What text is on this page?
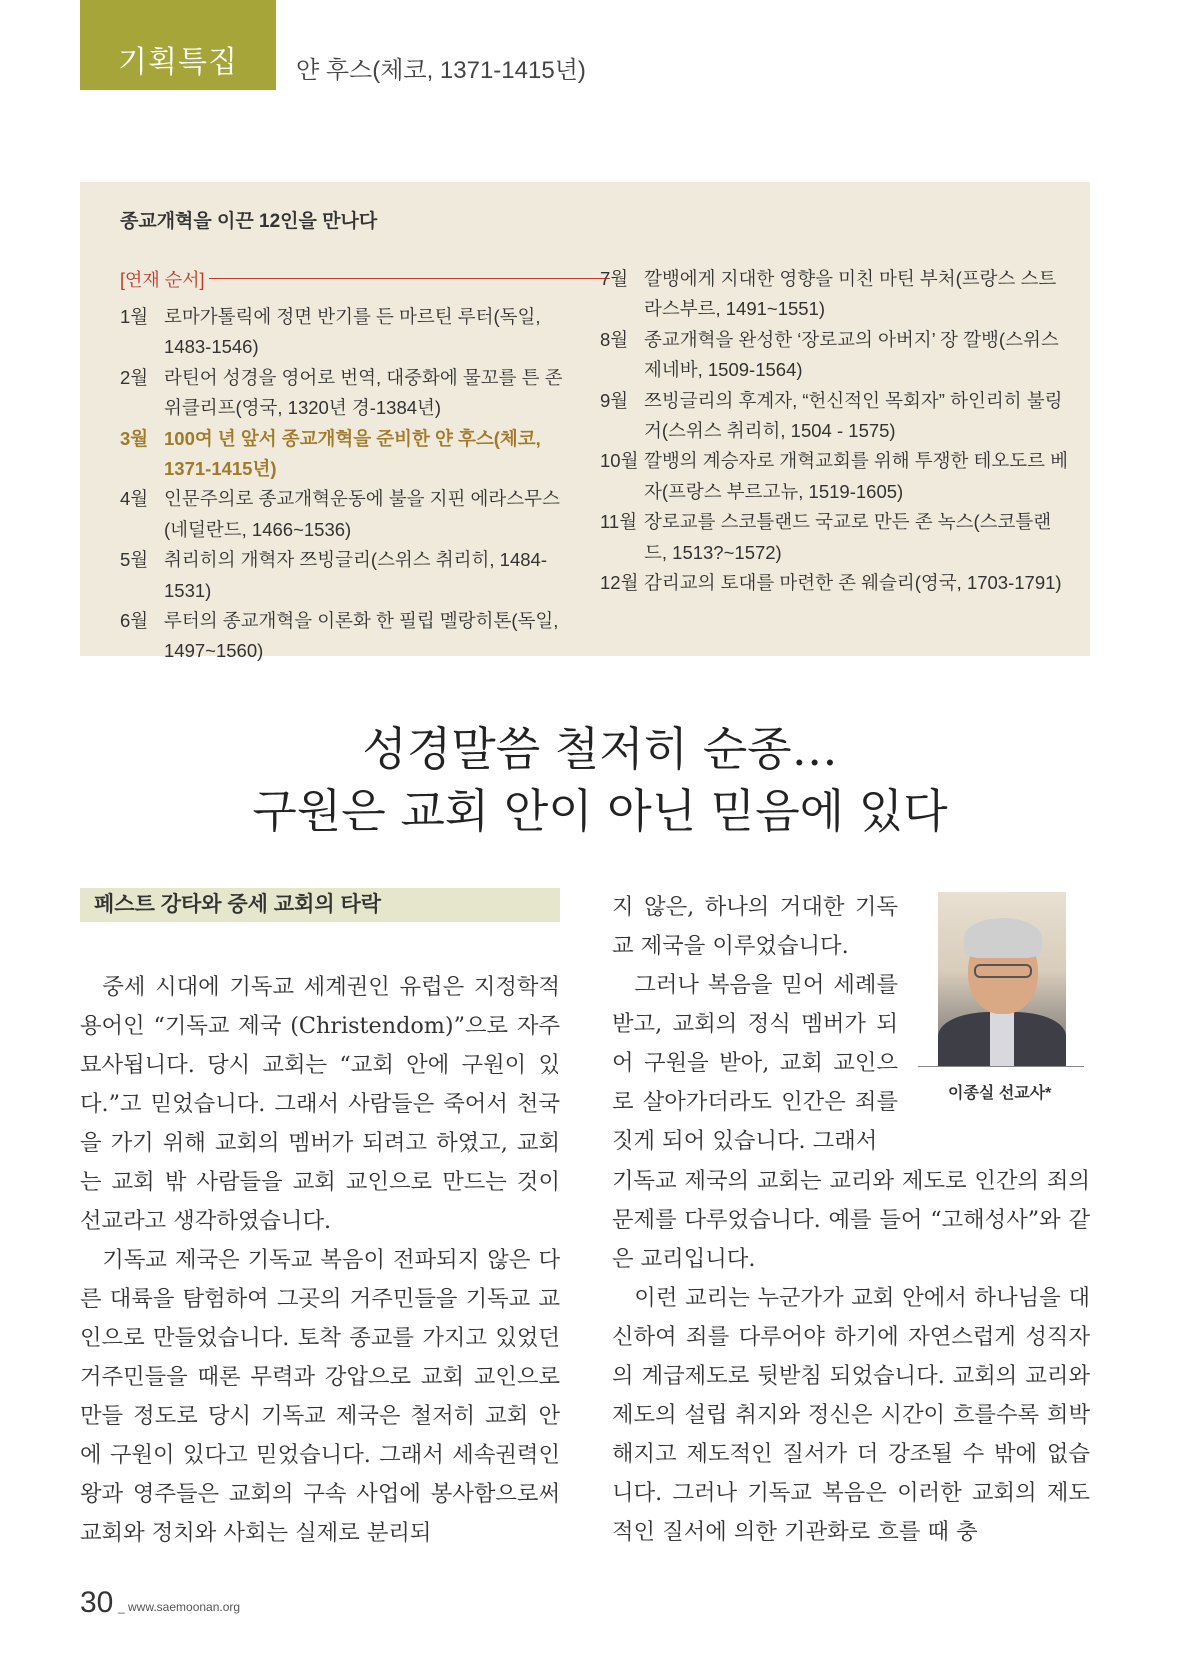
기획특집	얀 후스(체코, 1371-1415년)
종교개혁을 이끈 12인을 만나다
[연재 순서]
1월 로마가톨릭에 정면 반기를 든 마르틴 루터(독일, 1483-1546)
2월 라틴어 성경을 영어로 번역, 대중화에 물꼬를 튼 존 위클리프(영국, 1320년 경-1384년)
3월 100여 년 앞서 종교개혁을 준비한 얀 후스(체코, 1371-1415년)
4월 인문주의로 종교개혁운동에 불을 지핀 에라스무스(네덜란드, 1466~1536)
5월 취리히의 개혁자 쯔빙글리(스위스 취리히, 1484-1531)
6월 루터의 종교개혁을 이론화 한 필립 멜랑히톤(독일, 1497~1560)
7월 깔뱅에게 지대한 영향을 미친 마틴 부처(프랑스 스트라스부르, 1491~1551)
8월 종교개혁을 완성한 ‘장로교의 아버지’ 장 깔뱅(스위스 제네바, 1509-1564)
9월 쯔빙글리의 후계자, “헌신적인 목회자” 하인리히 불링거(스위스 취리히, 1504 - 1575)
10월 깔뱅의 계승자로 개혁교회를 위해 투쟁한 테오도르 베자(프랑스 부르고뉴, 1519-1605)
11월 장로교를 스코틀랜드 국교로 만든 존 녹스(스코틀랜드, 1513?~1572)
12월 감리교의 토대를 마련한 존 웨슬리(영국, 1703-1791)
성경말씀 철저히 순종…
구원은 교회 안이 아닌 믿음에 있다
페스트 강타와 중세 교회의 타락

중세 시대에 기독교 세계권인 유럽은 지정학적 용어인 “기독교 제국 (Christendom)”으로 자주 묘사됩니다. 당시 교회는 “교회 안에 구원이 있다.”고 믿었습니다. 그래서 사람들은 죽어서 천국을 가기 위해 교회의 멤버가 되려고 하였고, 교회는 교회 밖 사람들을 교회 교인으로 만드는 것이 선교라고 생각하였습니다.

기독교 제국은 기독교 복음이 전파되지 않은 다른 대륙을 탐험하여 그곳의 거주민들을 기독교 교인으로 만들었습니다. 토착 종교를 가지고 있었던 거주민들을 때론 무력과 강압으로 교회 교인으로 만들 정도로 당시 기독교 제국은 철저히 교회 안에 구원이 있다고 믿었습니다. 그래서 세속권력인 왕과 영주들은 교회의 구속 사업에 봉사함으로써 교회와 정치와 사회는 실제로 분리되

지 않은, 하나의 거대한 기독교 제국을 이루었습니다.

그러나 복음을 믿어 세례를 받고, 교회의 정식 멤버가 되어 구원을 받아, 교회 교인으로 살아가더라도 인간은 죄를 짓게 되어 있습니다. 그래서

이종실 선교사*

기독교 제국의 교회는 교리와 제도로 인간의 죄의 문제를 다루었습니다. 예를 들어 “고해성사”와 같은 교리입니다.

이런 교리는 누군가가 교회 안에서 하나님을 대신하여 죄를 다루어야 하기에 자연스럽게 성직자의 계급제도로 뒷받침 되었습니다. 교회의 교리와 제도의 설립 취지와 정신은 시간이 흐를수록 희박해지고 제도적인 질서가 더 강조될 수 밖에 없습니다. 그러나 기독교 복음은 이러한 교회의 제도적인 질서에 의한 기관화로 흐를 때 충

30 _ www.saemoonan.org
